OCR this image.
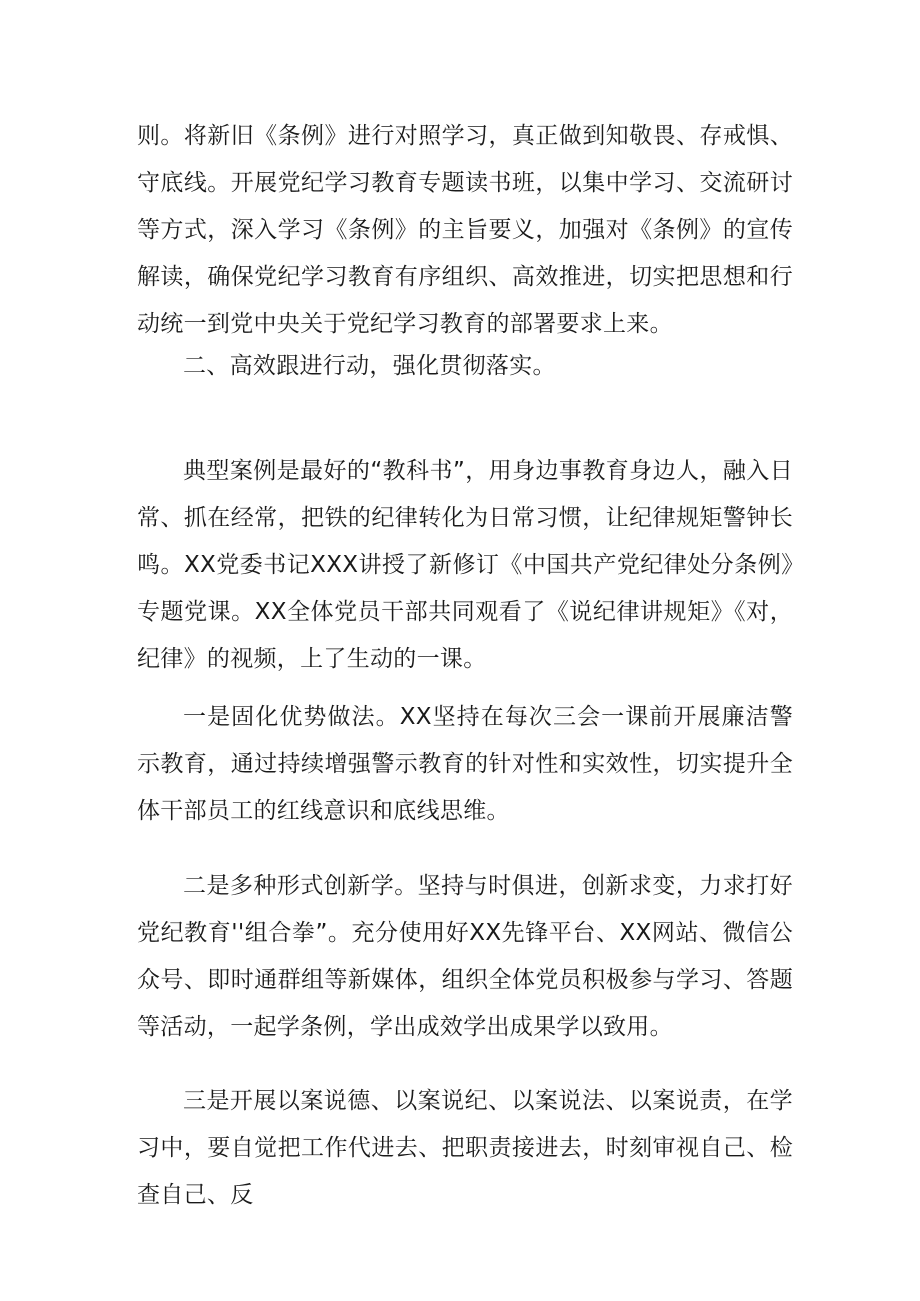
则。将新旧《条例》进行对照学习，真正做到知敬畏、存戒惧、守底线。开展党纪学习教育专题读书班，以集中学习、交流研讨等方式，深入学习《条例》的主旨要义，加强对《条例》的宣传解读，确保党纪学习教育有序组织、高效推进，切实把思想和行动统一到党中央关于党纪学习教育的部署要求上来。

二、高效跟进行动，强化贯彻落实。

典型案例是最好的“教科书”，用身边事教育身边人，融入日常、抓在经常，把铁的纪律转化为日常习惯，让纪律规矩警钟长鸣。XX党委书记XXX讲授了新修订《中国共产党纪律处分条例》专题党课。XX全体党员干部共同观看了《说纪律讲规矩》《对，纪律》的视频，上了生动的一课。

一是固化优势做法。XX坚持在每次三会一课前开展廉洁警示教育，通过持续增强警示教育的针对性和实效性，切实提升全体干部员工的红线意识和底线思维。

二是多种形式创新学。坚持与时俱进，创新求变，力求打好党纪教育''组合拳”。充分使用好XX先锋平台、XX网站、微信公众号、即时通群组等新媒体，组织全体党员积极参与学习、答题等活动，一起学条例，学出成效学出成果学以致用。

三是开展以案说德、以案说纪、以案说法、以案说责，在学习中，要自觉把工作代进去、把职责接进去，时刻审视自己、检查自己、反
